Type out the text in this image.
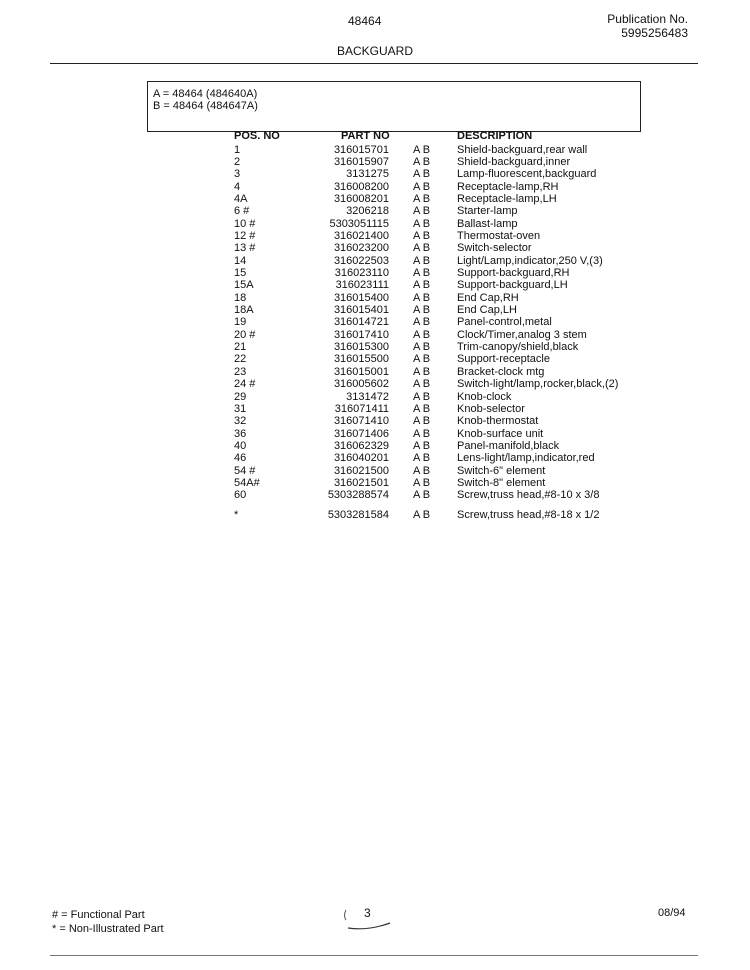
48464	Publication No.
5995256483
BACKGUARD
A = 48464 (484640A)
B = 48464 (484647A)
POS. NO	PART NO	DESCRIPTION
1	316015701 A B Shield-backguard,rear wall
2	316015907 A B Shield-backguard,inner
3	3131275 A B Lamp-fluorescent,backguard
4	316008200 A B Receptacle-lamp,RH
4A	316008201 A B Receptacle-lamp,LH
6 #	3206218 A B Starter-lamp
10 #	5303051115 A B Ballast-lamp
12 #	316021400 A B Thermostat-oven
13 #	316023200 A B Switch-selector
14	316022503 A B Light/Lamp,indicator,250 V,(3)
15	316023110 A B Support-backguard,RH
15A	316023111 A B Support-backguard,LH
18	316015400 A B End Cap,RH
18A	316015401 A B End Cap,LH
19	316014721 A B Panel-control,metal
20 #	316017410 A B Clock/Timer,analog 3 stem
21	316015300 A B Trim-canopy/shield,black
22	316015500 A B Support-receptacle
23	316015001 A B Bracket-clock mtg
24 #	316005602 A B Switch-light/lamp,rocker,black,(2)
29	3131472 A B Knob-clock
31	316071411 A B Knob-selector
32	316071410 A B Knob-thermostat
36	316071406 A B Knob-surface unit
40	316062329 A B Panel-manifold,black
46	316040201 A B Lens-light/lamp,indicator,red
54 #	316021500 A B Switch-6" element
54A#	316021501 A B Switch-8" element
60	5303288574 A B Screw,truss head,#8-10 x 3/8
*	5303281584 A B Screw,truss head,#8-18 x 1/2
# = Functional Part
* = Non-Illustrated Part
3	08/94
